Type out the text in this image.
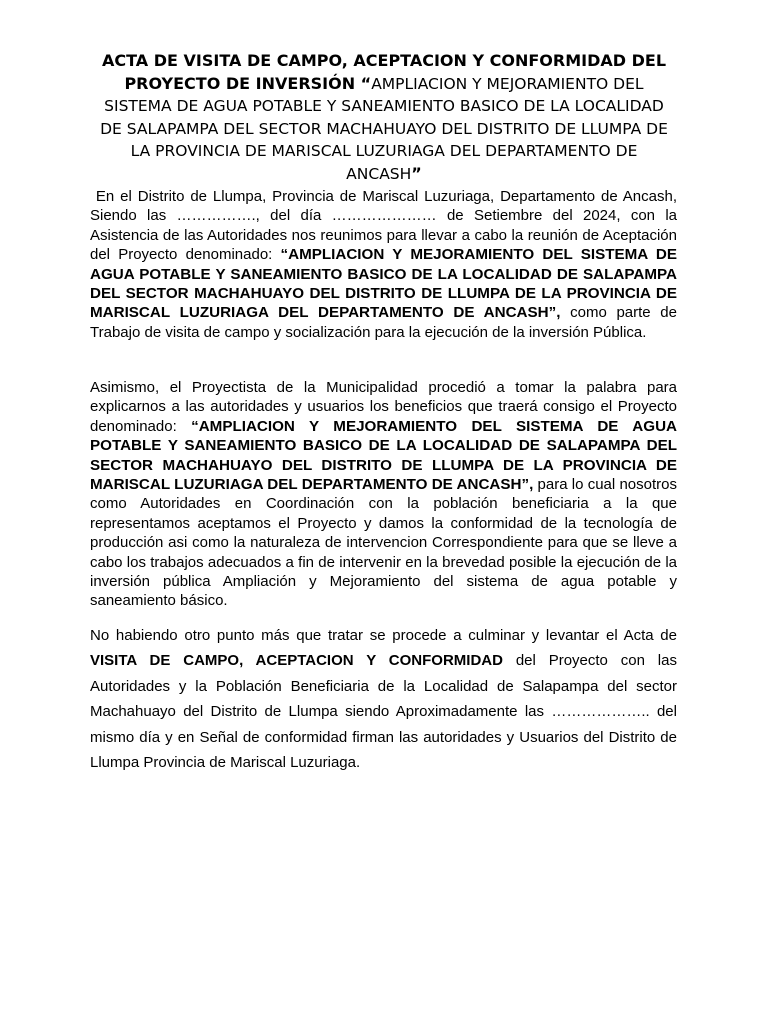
ACTA DE VISITA DE CAMPO, ACEPTACION Y CONFORMIDAD DEL PROYECTO DE INVERSIÓN “AMPLIACION Y MEJORAMIENTO DEL SISTEMA DE AGUA POTABLE Y SANEAMIENTO BASICO DE LA LOCALIDAD DE SALAPAMPA DEL SECTOR MACHAHUAYO DEL DISTRITO DE LLUMPA DE LA PROVINCIA DE MARISCAL LUZURIAGA DEL DEPARTAMENTO DE ANCASH”

En el Distrito de Llumpa, Provincia de Mariscal Luzuriaga, Departamento de Ancash, Siendo las ……………., del día ………………… de Setiembre del 2024, con la Asistencia de las Autoridades nos reunimos para llevar a cabo la reunión de Aceptación del Proyecto denominado: “AMPLIACION Y MEJORAMIENTO DEL SISTEMA DE AGUA POTABLE Y SANEAMIENTO BASICO DE LA LOCALIDAD DE SALAPAMPA DEL SECTOR MACHAHUAYO DEL DISTRITO DE LLUMPA DE LA PROVINCIA DE MARISCAL LUZURIAGA DEL DEPARTAMENTO DE ANCASH”, como parte de Trabajo de visita de campo y socialización para la ejecución de la inversión Pública.

Asimismo, el Proyectista de la Municipalidad procedió a tomar la palabra para explicarnos a las autoridades y usuarios los beneficios que traerá consigo el Proyecto denominado: “AMPLIACION Y MEJORAMIENTO DEL SISTEMA DE AGUA POTABLE Y SANEAMIENTO BASICO DE LA LOCALIDAD DE SALAPAMPA DEL SECTOR MACHAHUAYO DEL DISTRITO DE LLUMPA DE LA PROVINCIA DE MARISCAL LUZURIAGA DEL DEPARTAMENTO DE ANCASH”, para lo cual nosotros como Autoridades en Coordinación con la población beneficiaria a la que representamos aceptamos el Proyecto y damos la conformidad de la tecnología de producción asi como la naturaleza de intervencion Correspondiente para que se lleve a cabo los trabajos adecuados a fin de intervenir en la brevedad posible la ejecución de la inversión pública Ampliación y Mejoramiento del sistema de agua potable y saneamiento básico.

No habiendo otro punto más que tratar se procede a culminar y levantar el Acta de VISITA DE CAMPO, ACEPTACION Y CONFORMIDAD del Proyecto con las Autoridades y la Población Beneficiaria de la Localidad de Salapampa del sector Machahuayo del Distrito de Llumpa siendo Aproximadamente las ……………….. del mismo día y en Señal de conformidad firman las autoridades y Usuarios del Distrito de Llumpa Provincia de Mariscal Luzuriaga.
